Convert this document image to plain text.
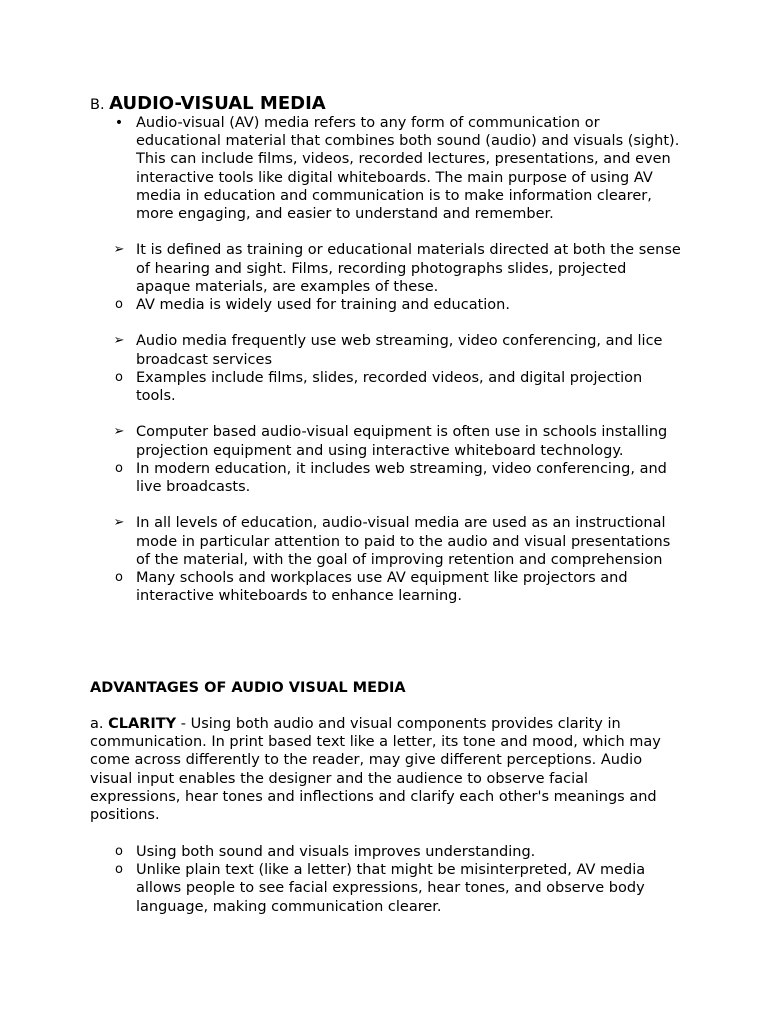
B. AUDIO-VISUAL MEDIA
• Audio-visual (AV) media refers to any form of communication or educational material that combines both sound (audio) and visuals (sight). This can include films, videos, recorded lectures, presentations, and even interactive tools like digital whiteboards. The main purpose of using AV media in education and communication is to make information clearer, more engaging, and easier to understand and remember.
➢ It is defined as training or educational materials directed at both the sense of hearing and sight. Films, recording photographs slides, projected apaque materials, are examples of these.
o AV media is widely used for training and education.
➢ Audio media frequently use web streaming, video conferencing, and lice broadcast services
o Examples include films, slides, recorded videos, and digital projection tools.
➢ Computer based audio-visual equipment is often use in schools installing projection equipment and using interactive whiteboard technology.
o In modern education, it includes web streaming, video conferencing, and live broadcasts.
➢ In all levels of education, audio-visual media are used as an instructional mode in particular attention to paid to the audio and visual presentations of the material, with the goal of improving retention and comprehension
o Many schools and workplaces use AV equipment like projectors and interactive whiteboards to enhance learning.
ADVANTAGES OF AUDIO VISUAL MEDIA

a. CLARITY - Using both audio and visual components provides clarity in communication. In print based text like a letter, its tone and mood, which may come across differently to the reader, may give different perceptions. Audio visual input enables the designer and the audience to observe facial expressions, hear tones and inflections and clarify each other's meanings and positions.

o Using both sound and visuals improves understanding.
o Unlike plain text (like a letter) that might be misinterpreted, AV media allows people to see facial expressions, hear tones, and observe body language, making communication clearer.
